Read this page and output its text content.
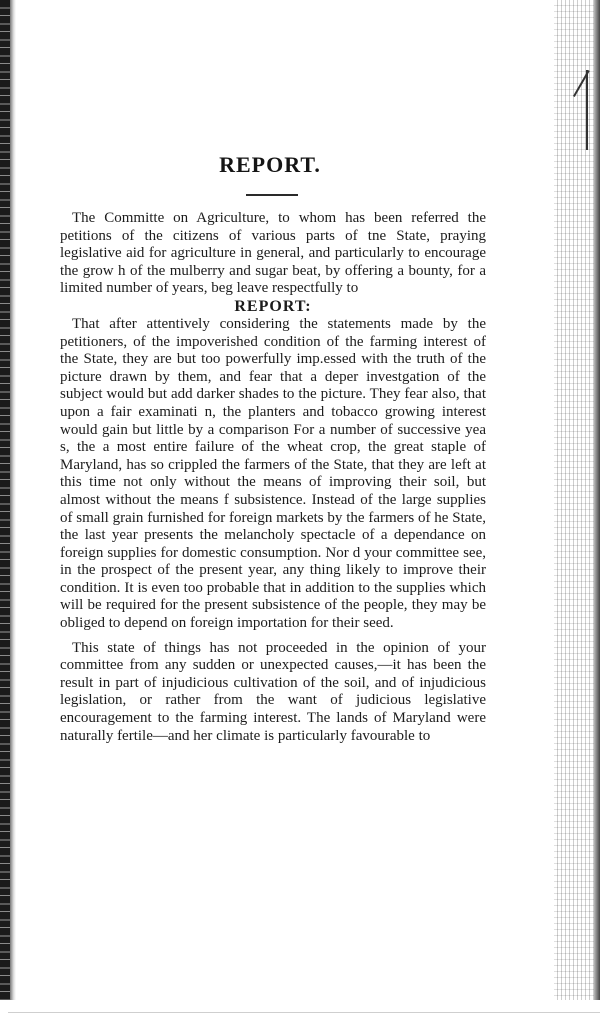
REPORT.

The Committe on Agriculture, to whom has been referred the petitions of the citizens of various parts of tne State, praying legislative aid for agriculture in general, and particularly to encourage the grow h of the mulberry and sugar beat, by offering a bounty, for a limited number of years, beg leave respectfully to

REPORT:

That after attentively considering the statements made by the petitioners, of the impoverished condition of the farming interest of the State, they are but too powerfully imp.essed with the truth of the picture drawn by them, and fear that a deper investgation of the subject would but add darker shades to the picture. They fear also, that upon a fair examinati n, the planters and tobacco growing interest would gain but little by a comparison For a number of successive yea s, the a most entire failure of the wheat crop, the great staple of Maryland, has so crippled the farmers of the State, that they are left at this time not only without the means of improving their soil, but almost without the means f subsistence. Instead of the large supplies of small grain furnished for foreign markets by the farmers of he State, the last year presents the melancholy spectacle of a dependance on foreign supplies for domestic consumption. Nor d your committee see, in the prospect of the present year, any thing likely to improve their condition. It is even too probable that in addition to the supplies which will be required for the present subsistence of the people, they may be obliged to depend on foreign importation for their seed.

This state of things has not proceeded in the opinion of your committee from any sudden or unexpected causes,—it has been the result in part of injudicious cultivation of the soil, and of injudicious legislation, or rather from the want of judicious legislative encouragement to the farming interest. The lands of Maryland were naturally fertile—and her climate is particularly favourable to
